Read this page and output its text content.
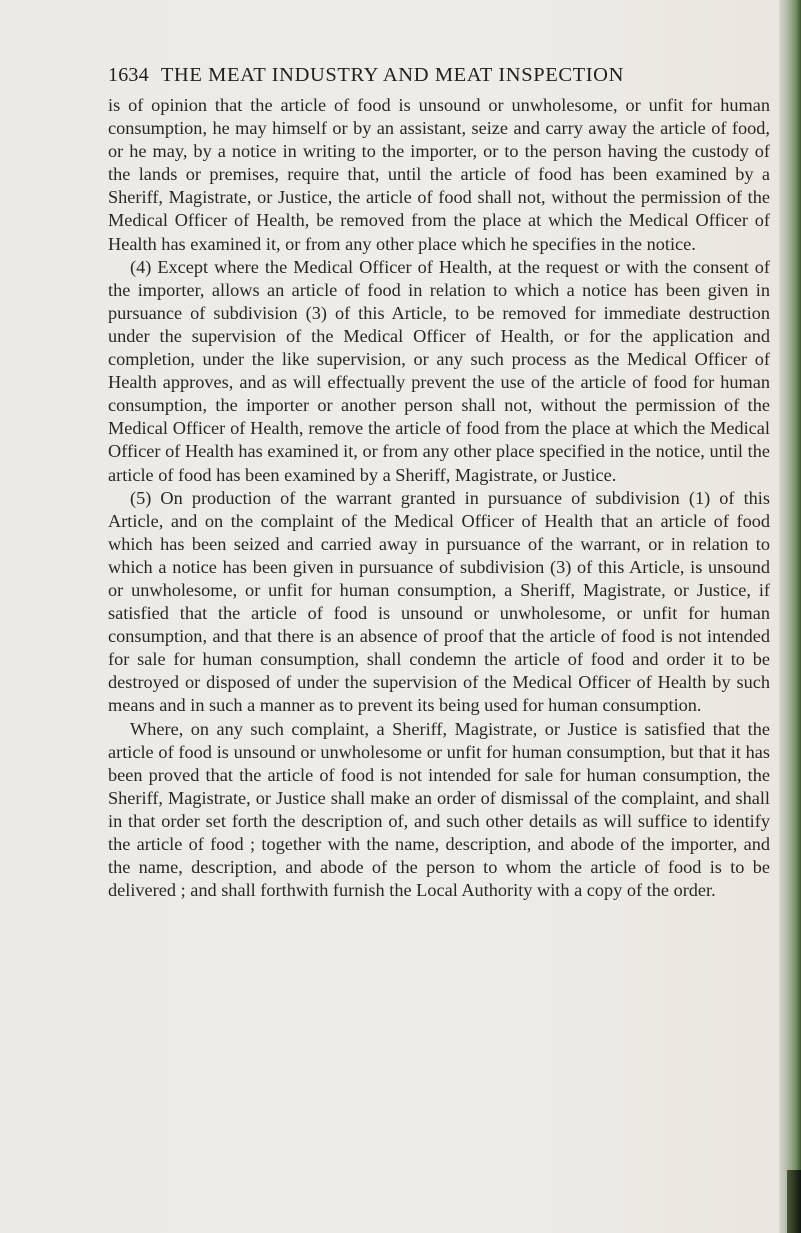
1634 THE MEAT INDUSTRY AND MEAT INSPECTION

is of opinion that the article of food is unsound or unwholesome, or unfit for human consumption, he may himself or by an assistant, seize and carry away the article of food, or he may, by a notice in writing to the importer, or to the person having the custody of the lands or premises, require that, until the article of food has been examined by a Sheriff, Magistrate, or Justice, the article of food shall not, without the permission of the Medical Officer of Health, be removed from the place at which the Medical Officer of Health has examined it, or from any other place which he specifies in the notice.

(4) Except where the Medical Officer of Health, at the request or with the consent of the importer, allows an article of food in relation to which a notice has been given in pursuance of subdivision (3) of this Article, to be removed for immediate destruction under the supervision of the Medical Officer of Health, or for the application and completion, under the like supervision, or any such process as the Medical Officer of Health approves, and as will effectually prevent the use of the article of food for human consumption, the importer or another person shall not, without the permission of the Medical Officer of Health, remove the article of food from the place at which the Medical Officer of Health has examined it, or from any other place specified in the notice, until the article of food has been examined by a Sheriff, Magistrate, or Justice.

(5) On production of the warrant granted in pursuance of subdivision (1) of this Article, and on the complaint of the Medical Officer of Health that an article of food which has been seized and carried away in pursuance of the warrant, or in relation to which a notice has been given in pursuance of subdivision (3) of this Article, is unsound or unwholesome, or unfit for human consumption, a Sheriff, Magistrate, or Justice, if satisfied that the article of food is unsound or unwholesome, or unfit for human consumption, and that there is an absence of proof that the article of food is not intended for sale for human consumption, shall condemn the article of food and order it to be destroyed or disposed of under the supervision of the Medical Officer of Health by such means and in such a manner as to prevent its being used for human consumption.

Where, on any such complaint, a Sheriff, Magistrate, or Justice is satisfied that the article of food is unsound or unwholesome or unfit for human consumption, but that it has been proved that the article of food is not intended for sale for human consumption, the Sheriff, Magistrate, or Justice shall make an order of dismissal of the complaint, and shall in that order set forth the description of, and such other details as will suffice to identify the article of food ; together with the name, description, and abode of the importer, and the name, description, and abode of the person to whom the article of food is to be delivered ; and shall forthwith furnish the Local Authority with a copy of the order.
